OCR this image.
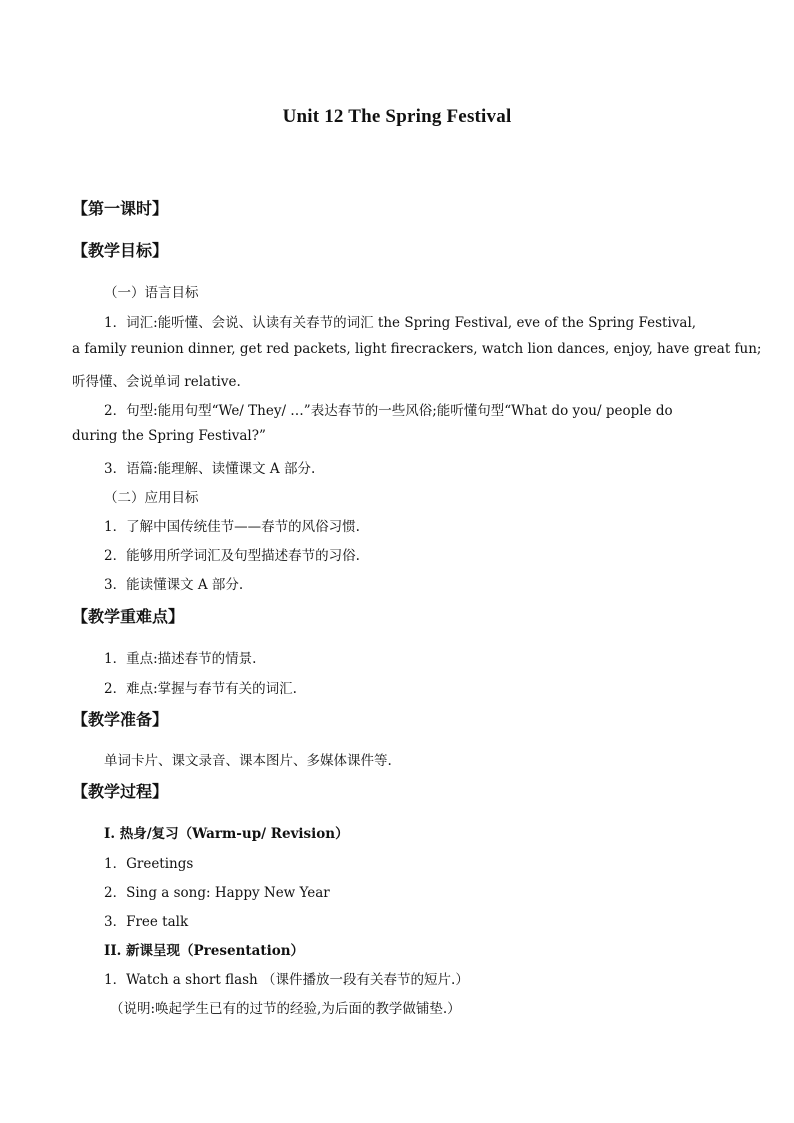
Unit 12 The Spring Festival
【第一课时】
【教学目标】
（一）语言目标
1．词汇:能听懂、会说、认读有关春节的词汇 the Spring Festival, eve of the Spring Festival,
a family reunion dinner, get red packets, light firecrackers, watch lion dances, enjoy, have great fun;
听得懂、会说单词 relative.
2．句型:能用句型“We/ They/ …”表达春节的一些风俗;能听懂句型“What do you/ people do
during the Spring Festival?”
3．语篇:能理解、读懂课文 A 部分.
（二）应用目标
1．了解中国传统佳节——春节的风俗习惯.
2．能够用所学词汇及句型描述春节的习俗.
3．能读懂课文 A 部分.
【教学重难点】
1．重点:描述春节的情景.
2．难点:掌握与春节有关的词汇.
【教学准备】
单词卡片、课文录音、课本图片、多媒体课件等.
【教学过程】
I. 热身/复习（Warm-up/ Revision）
1．Greetings
2．Sing a song: Happy New Year
3．Free talk
II. 新课呈现（Presentation）
1．Watch a short flash （课件播放一段有关春节的短片.）
（说明:唤起学生已有的过节的经验,为后面的教学做铺垫.）
